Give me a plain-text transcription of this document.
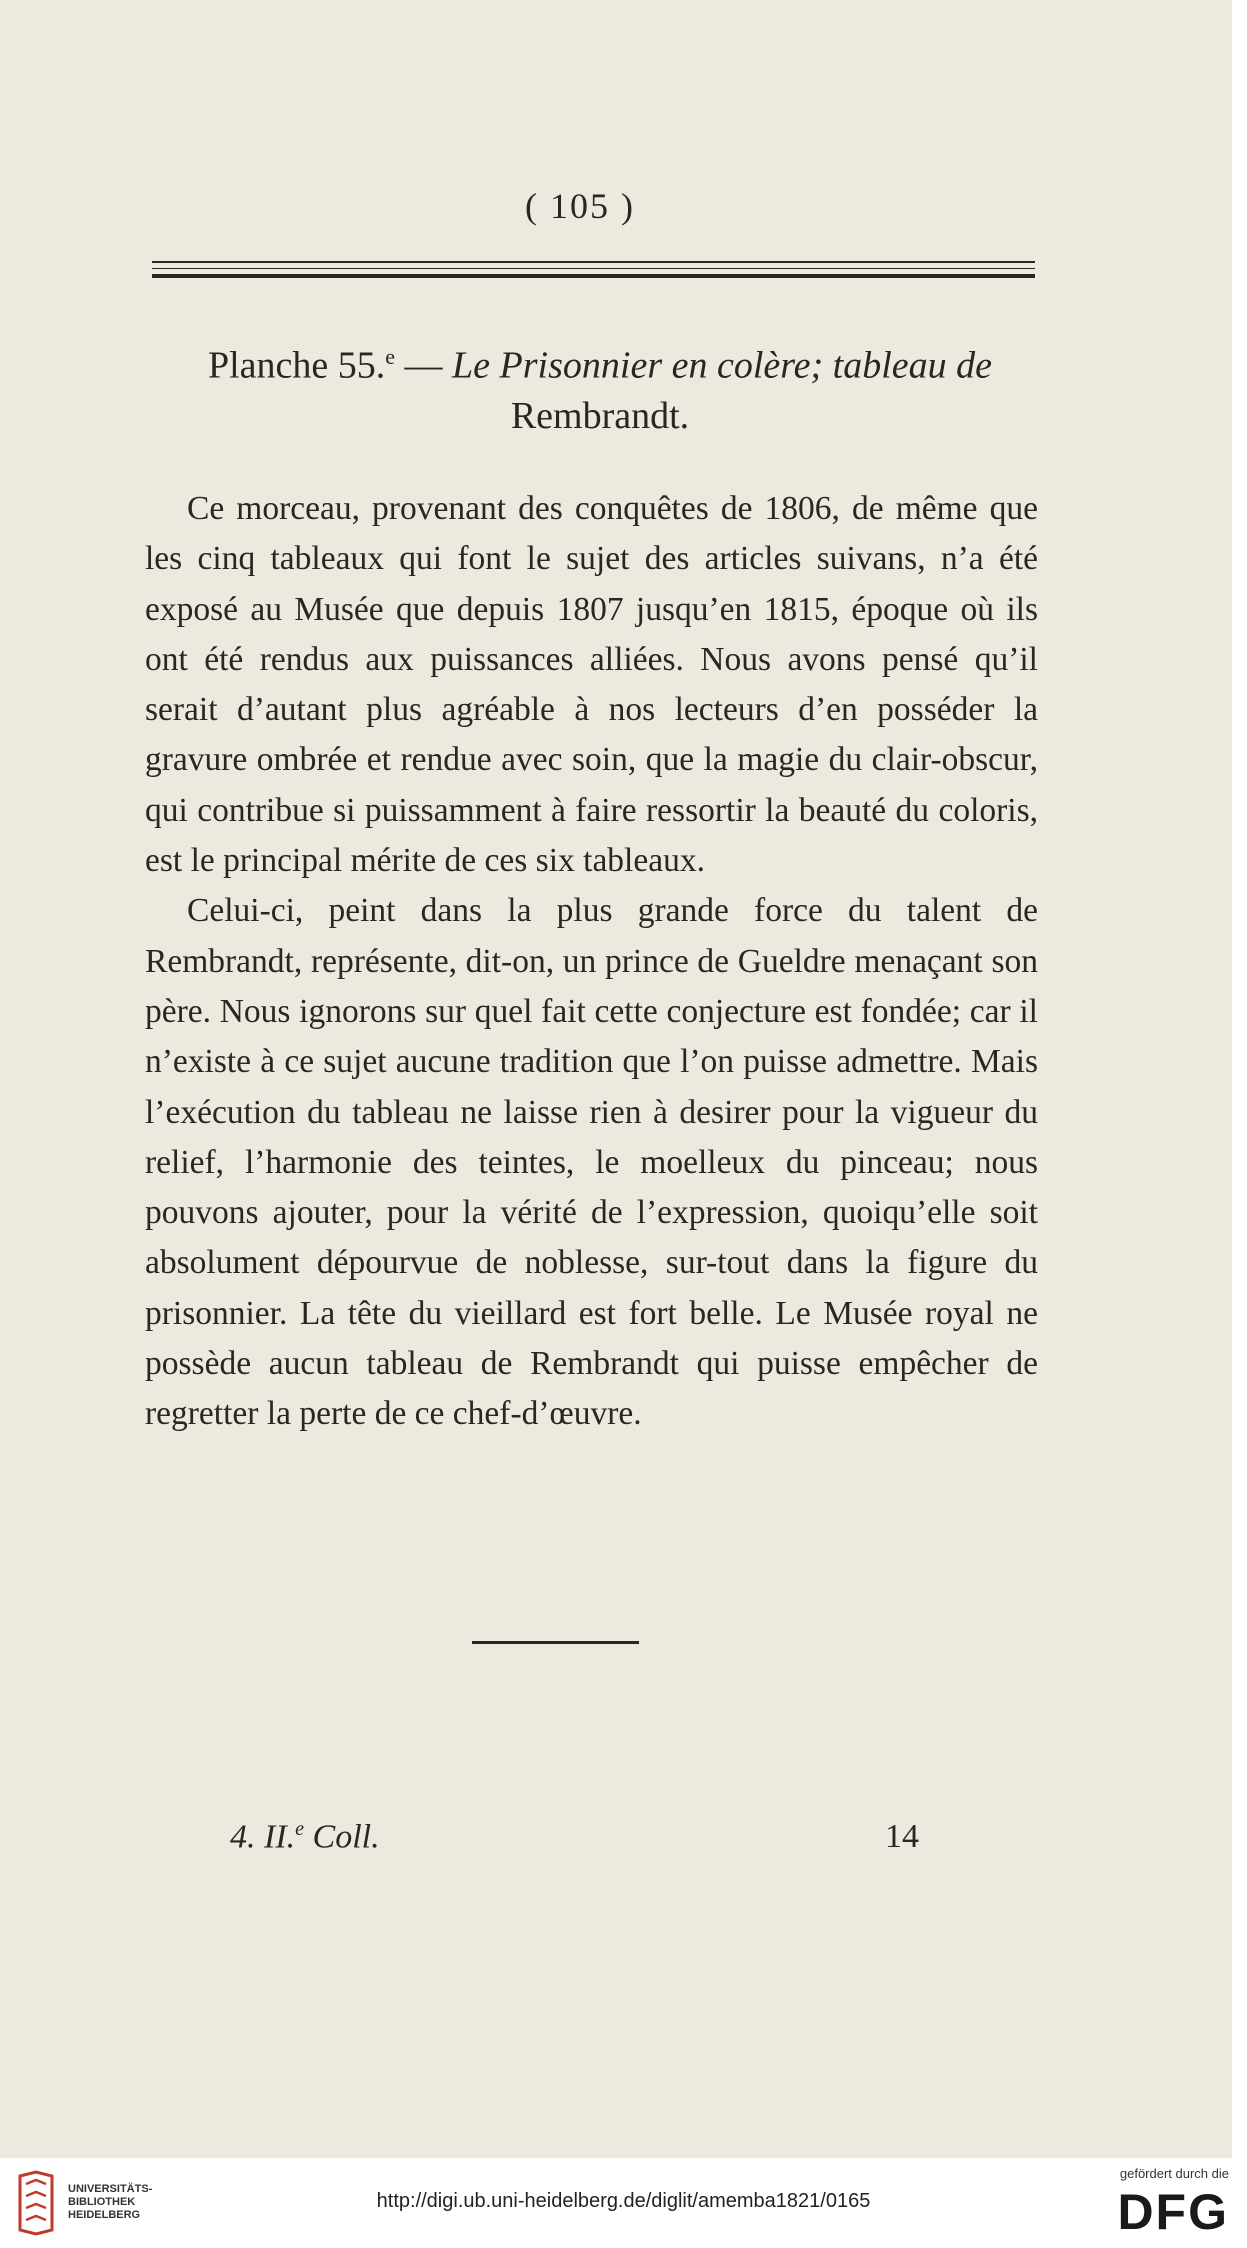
( 105 )
Planche 55.$^e$ — Le Prisonnier en colère; tableau de
Rembrandt.

Ce morceau, provenant des conquêtes de 1806, de même que les cinq tableaux qui font le sujet des articles suivans, n’a été exposé au Musée que depuis 1807 jusqu’en 1815, époque où ils ont été rendus aux puissances alliées. Nous avons pensé qu’il serait d’autant plus agréable à nos lecteurs d’en posséder la gravure ombrée et rendue avec soin, que la magie du clair-obscur, qui contribue si puissamment à faire ressortir la beauté du coloris, est le principal mérite de ces six tableaux.

Celui-ci, peint dans la plus grande force du talent de Rembrandt, représente, dit-on, un prince de Gueldre menaçant son père. Nous ignorons sur quel fait cette conjecture est fondée; car il n’existe à ce sujet aucune tradition que l’on puisse admettre. Mais l’exécution du tableau ne laisse rien à desirer pour la vigueur du relief, l’harmonie des teintes, le moelleux du pinceau; nous pouvons ajouter, pour la vérité de l’expression, quoiqu’elle soit absolument dépourvue de noblesse, sur-tout dans la figure du prisonnier. La tête du vieillard est fort belle. Le Musée royal ne possède aucun tableau de Rembrandt qui puisse empêcher de regretter la perte de ce chef-d’œuvre.

4. II.$^e$ Coll.	14
UNIVERSITÄTS-
BIBLIOTHEK
HEIDELBERG
http://digi.ub.uni-heidelberg.de/diglit/amemba1821/0165
gefördert durch die
DFG
